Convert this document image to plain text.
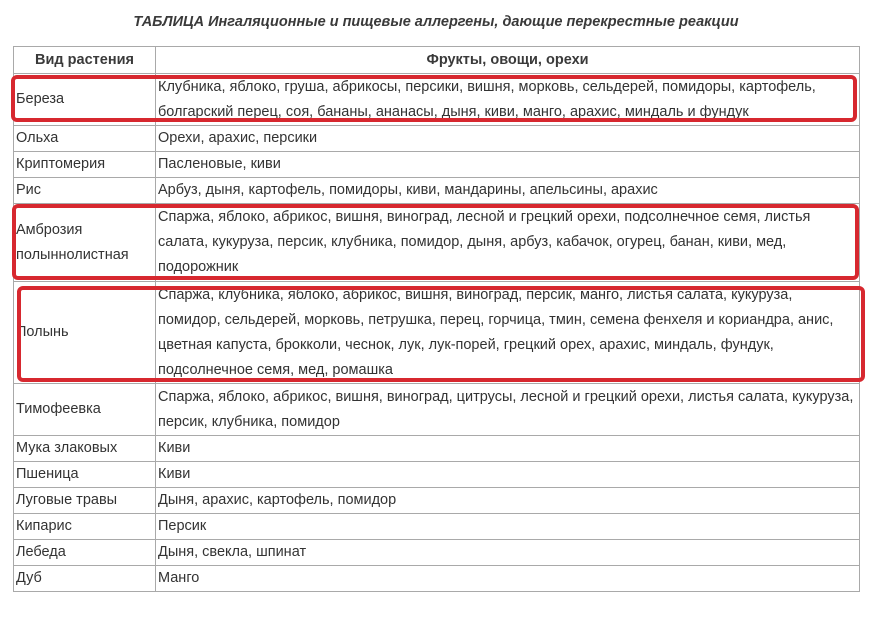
ТАБЛИЦА Ингаляционные и пищевые аллергены, дающие перекрестные реакции
Вид растения	Фрукты, овощи, орехи
Береза	Клубника, яблоко, груша, абрикосы, персики, вишня, морковь, сельдерей, помидоры, картофель, болгарский перец, соя, бананы, ананасы, дыня, киви, манго, арахис, миндаль и фундук
Ольха	Орехи, арахис, персики
Криптомерия	Пасленовые, киви
Рис	Арбуз, дыня, картофель, помидоры, киви, мандарины, апельсины, арахис
Амброзия полыннолистная	Спаржа, яблоко, абрикос, вишня, виноград, лесной и грецкий орехи, подсолнечное семя, листья салата, кукуруза, персик, клубника, помидор, дыня, арбуз, кабачок, огурец, банан, киви, мед, подорожник
Полынь	Спаржа, клубника, яблоко, абрикос, вишня, виноград, персик, манго, листья салата, кукуруза, помидор, сельдерей, морковь, петрушка, перец, горчица, тмин, семена фенхеля и кориандра, анис, цветная капуста, брокколи, чеснок, лук, лук-порей, грецкий орех, арахис, миндаль, фундук, подсолнечное семя, мед, ромашка
Тимофеевка	Спаржа, яблоко, абрикос, вишня, виноград, цитрусы, лесной и грецкий орехи, листья салата, кукуруза, персик, клубника, помидор
Мука злаковых	Киви
Пшеница	Киви
Луговые травы	Дыня, арахис, картофель, помидор
Кипарис	Персик
Лебеда	Дыня, свекла, шпинат
Дуб	Манго
